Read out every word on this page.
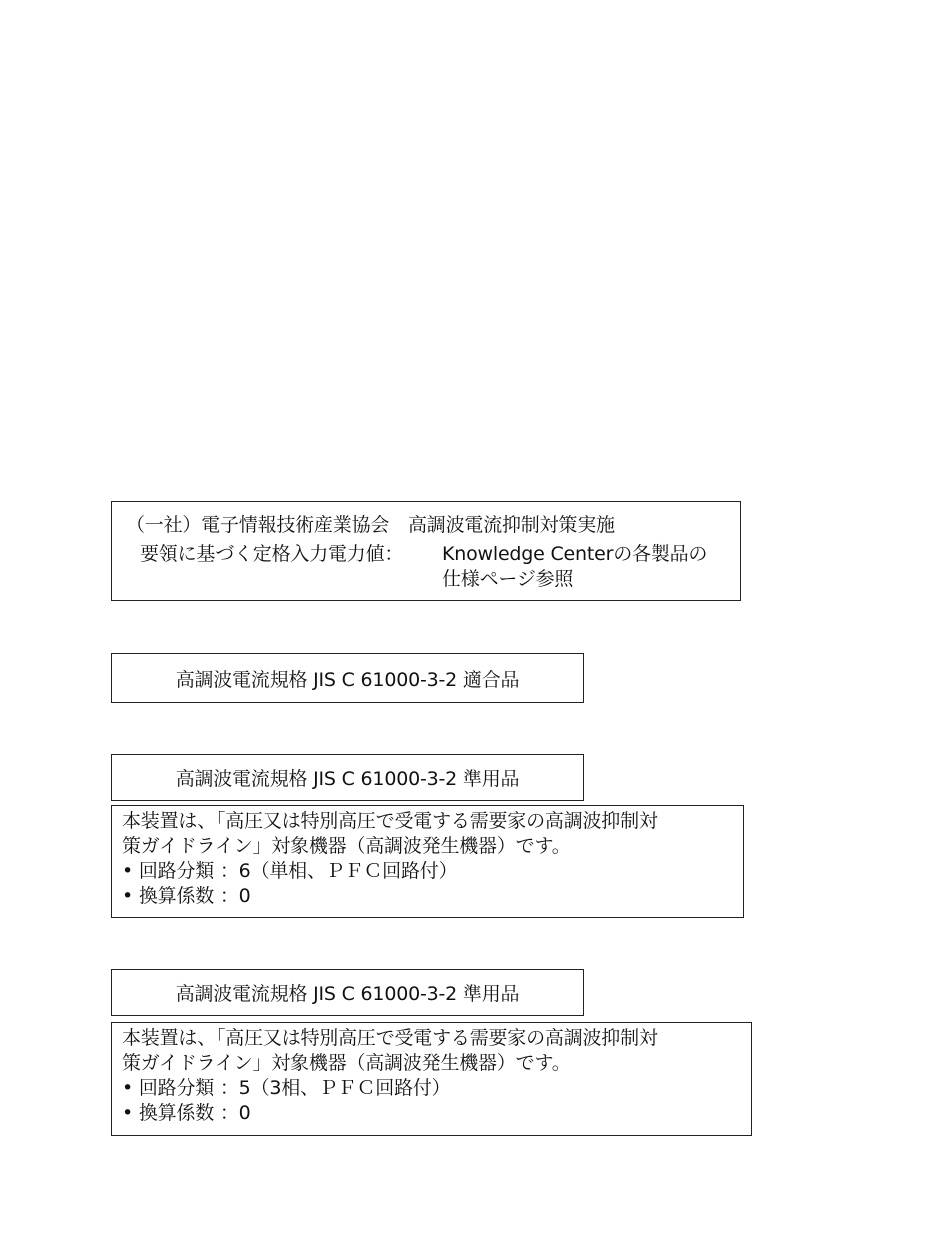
（一社）電子情報技術産業協会　高調波電流抑制対策実施
要領に基づく定格入力電力値： Knowledge Centerの各製品の
仕様ページ参照
高調波電流規格 JIS C 61000-3-2 適合品
高調波電流規格 JIS C 61000-3-2 準用品
本装置は、「高圧又は特別高圧で受電する需要家の高調波抑制対
策ガイドライン」対象機器（高調波発生機器）です。
• 回路分類 ：6（単相、ＰＦＣ回路付）
• 換算係数 ：0
高調波電流規格 JIS C 61000-3-2 準用品
本装置は、「高圧又は特別高圧で受電する需要家の高調波抑制対
策ガイドライン」対象機器（高調波発生機器）です。
• 回路分類 ：5（3相、ＰＦＣ回路付）
• 換算係数 ：0
